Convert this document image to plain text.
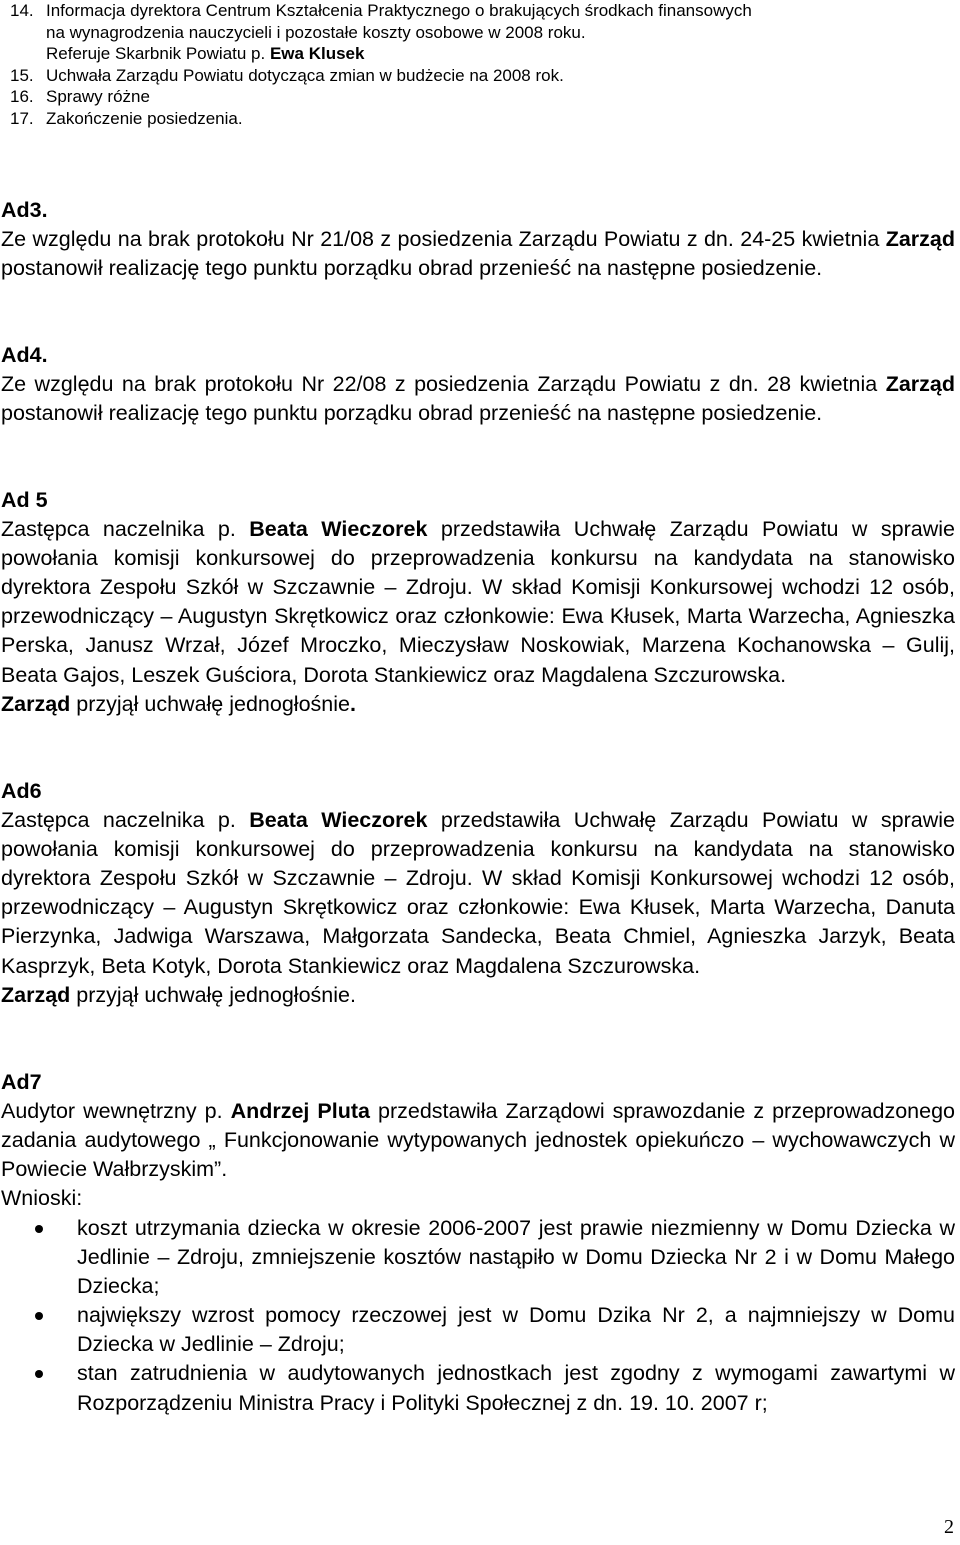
14. Informacja dyrektora Centrum Kształcenia Praktycznego o brakujących środkach finansowych
na wynagrodzenia nauczycieli i pozostałe koszty osobowe w 2008 roku.
Referuje Skarbnik Powiatu p. Ewa Klusek
15. Uchwała Zarządu Powiatu dotycząca zmian w budżecie na 2008 rok.
16. Sprawy różne
17. Zakończenie posiedzenia.

Ad3.

Ze względu na brak protokołu Nr 21/08 z posiedzenia Zarządu Powiatu z dn. 24-25 kwietnia Zarząd postanowił realizację tego punktu porządku obrad przenieść na następne posiedzenie.

Ad4.

Ze względu na brak protokołu Nr 22/08 z posiedzenia Zarządu Powiatu z dn. 28 kwietnia Zarząd postanowił realizację tego punktu porządku obrad przenieść na następne posiedzenie.

Ad 5

Zastępca naczelnika p. Beata Wieczorek przedstawiła Uchwałę Zarządu Powiatu w sprawie powołania komisji konkursowej do przeprowadzenia konkursu na kandydata na stanowisko dyrektora Zespołu Szkół w Szczawnie – Zdroju. W skład Komisji Konkursowej wchodzi 12 osób, przewodniczący – Augustyn Skrętkowicz oraz członkowie: Ewa Kłusek, Marta Warzecha, Agnieszka Perska, Janusz Wrzał, Józef Mroczko, Mieczysław Noskowiak, Marzena Kochanowska – Gulij, Beata Gajos, Leszek Guściora, Dorota Stankiewicz oraz Magdalena Szczurowska.

Zarząd przyjął uchwałę jednogłośnie.

Ad6

Zastępca naczelnika p. Beata Wieczorek przedstawiła Uchwałę Zarządu Powiatu w sprawie powołania komisji konkursowej do przeprowadzenia konkursu na kandydata na stanowisko dyrektora Zespołu Szkół w Szczawnie – Zdroju. W skład Komisji Konkursowej wchodzi 12 osób, przewodniczący – Augustyn Skrętkowicz oraz członkowie: Ewa Kłusek, Marta Warzecha, Danuta Pierzynka, Jadwiga Warszawa, Małgorzata Sandecka, Beata Chmiel, Agnieszka Jarzyk, Beata Kasprzyk, Beta Kotyk, Dorota Stankiewicz oraz Magdalena Szczurowska.

Zarząd przyjął uchwałę jednogłośnie.

Ad7

Audytor wewnętrzny p. Andrzej Pluta przedstawiła Zarządowi sprawozdanie z przeprowadzonego zadania audytowego „ Funkcjonowanie wytypowanych jednostek opiekuńczo – wychowawczych w Powiecie Wałbrzyskim”.

Wnioski:

koszt utrzymania dziecka w okresie 2006-2007 jest prawie niezmienny w Domu Dziecka w Jedlinie – Zdroju, zmniejszenie kosztów nastąpiło w Domu Dziecka Nr 2 i w Domu Małego Dziecka;
największy wzrost pomocy rzeczowej jest w Domu Dzika Nr 2, a najmniejszy w Domu Dziecka w Jedlinie – Zdroju;
stan zatrudnienia w audytowanych jednostkach jest zgodny z wymogami zawartymi w Rozporządzeniu Ministra Pracy i Polityki Społecznej z dn. 19. 10. 2007 r;
2
